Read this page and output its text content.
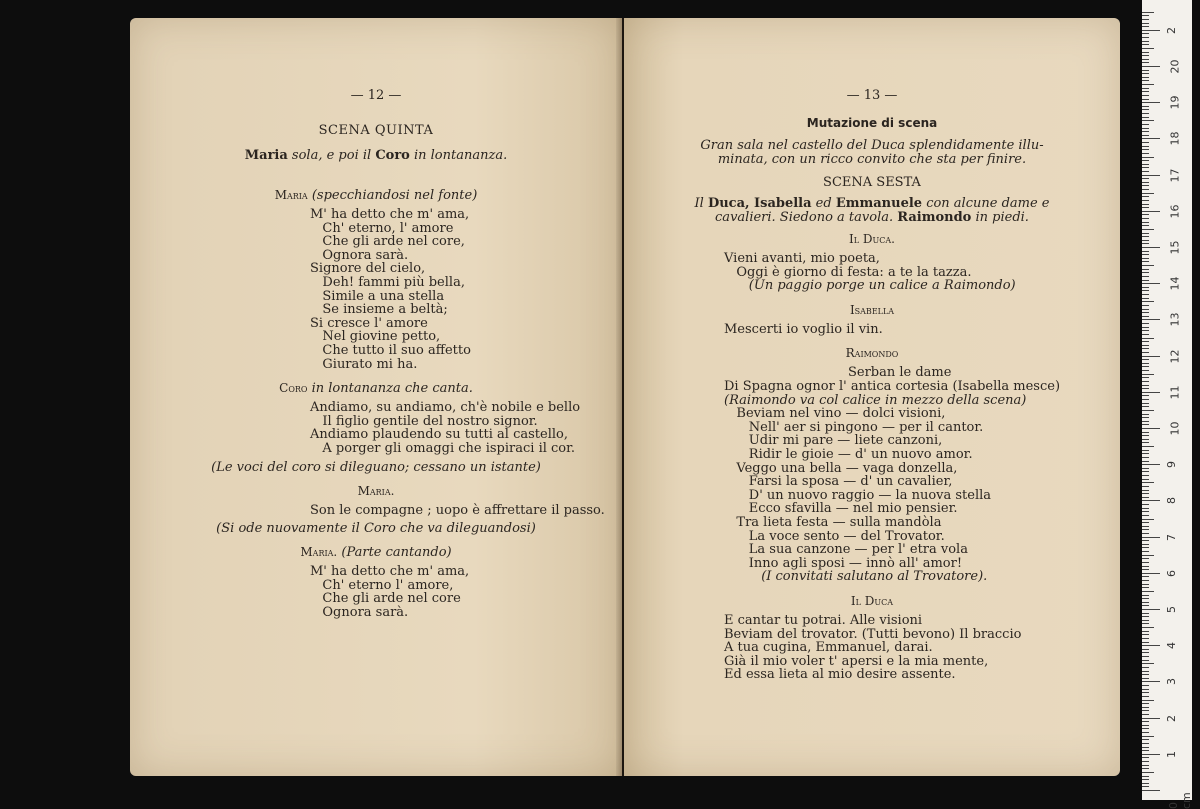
— 12 —
SCENA QUINTA
Maria sola, e poi il Coro in lontananza.
Maria (specchiandosi nel fonte)
M' ha detto che m' ama,
Ch' eterno, l' amore
Che gli arde nel core,
Ognora sarà.
Signore del cielo,
Deh! fammi più bella,
Simile a una stella
Se insieme a beltà;
Si cresce l' amore
Nel giovine petto,
Che tutto il suo affetto
Giurato mi ha.
Coro in lontananza che canta.
Andiamo, su andiamo, ch'è nobile e bello
Il figlio gentile del nostro signor.
Andiamo plaudendo su tutti al castello,
A porger gli omaggi che ispiraci il cor.
(Le voci del coro si dileguano; cessano un istante)
Maria.
Son le compagne ; uopo è affrettare il passo.
(Si ode nuovamente il Coro che va dileguandosi)
Maria. (Parte cantando)
M' ha detto che m' ama,
Ch' eterno l' amore,
Che gli arde nel core
Ognora sarà.
— 13 —
Mutazione di scena
Gran sala nel castello del Duca splendidamente illu-
minata, con un ricco convito che sta per finire.
SCENA SESTA
Il Duca, Isabella ed Emmanuele con alcune dame e
cavalieri. Siedono a tavola. Raimondo in piedi.
Il Duca.
Vieni avanti, mio poeta,
Oggi è giorno di festa: a te la tazza.
(Un paggio porge un calice a Raimondo)
Isabella
Mescerti io voglio il vin.
Raimondo
Serban le dame
Di Spagna ognor l' antica cortesia (Isabella mesce)
(Raimondo va col calice in mezzo della scena)
Beviam nel vino — dolci visioni,
Nell' aer si pingono — per il cantor.
Udir mi pare — liete canzoni,
Ridir le gioie — d' un nuovo amor.
Veggo una bella — vaga donzella,
Farsi la sposa — d' un cavalier,
D' un nuovo raggio — la nuova stella
Ecco sfavilla — nel mio pensier.
Tra lieta festa — sulla mandòla
La voce sento — del Trovator.
La sua canzone — per l' etra vola
Inno agli sposi — innò all' amor!
(I convitati salutano al Trovatore).
Il Duca
E cantar tu potrai. Alle visioni
Beviam del trovator. (Tutti bevono) Il braccio
A tua cugina, Emmanuel, darai.
Già il mio voler t' apersi e la mia mente,
Ed essa lieta al mio desire assente.
0 cm
1
2
3
4
5
6
7
8
9
10
11
12
13
14
15
16
17
18
19
20
2
